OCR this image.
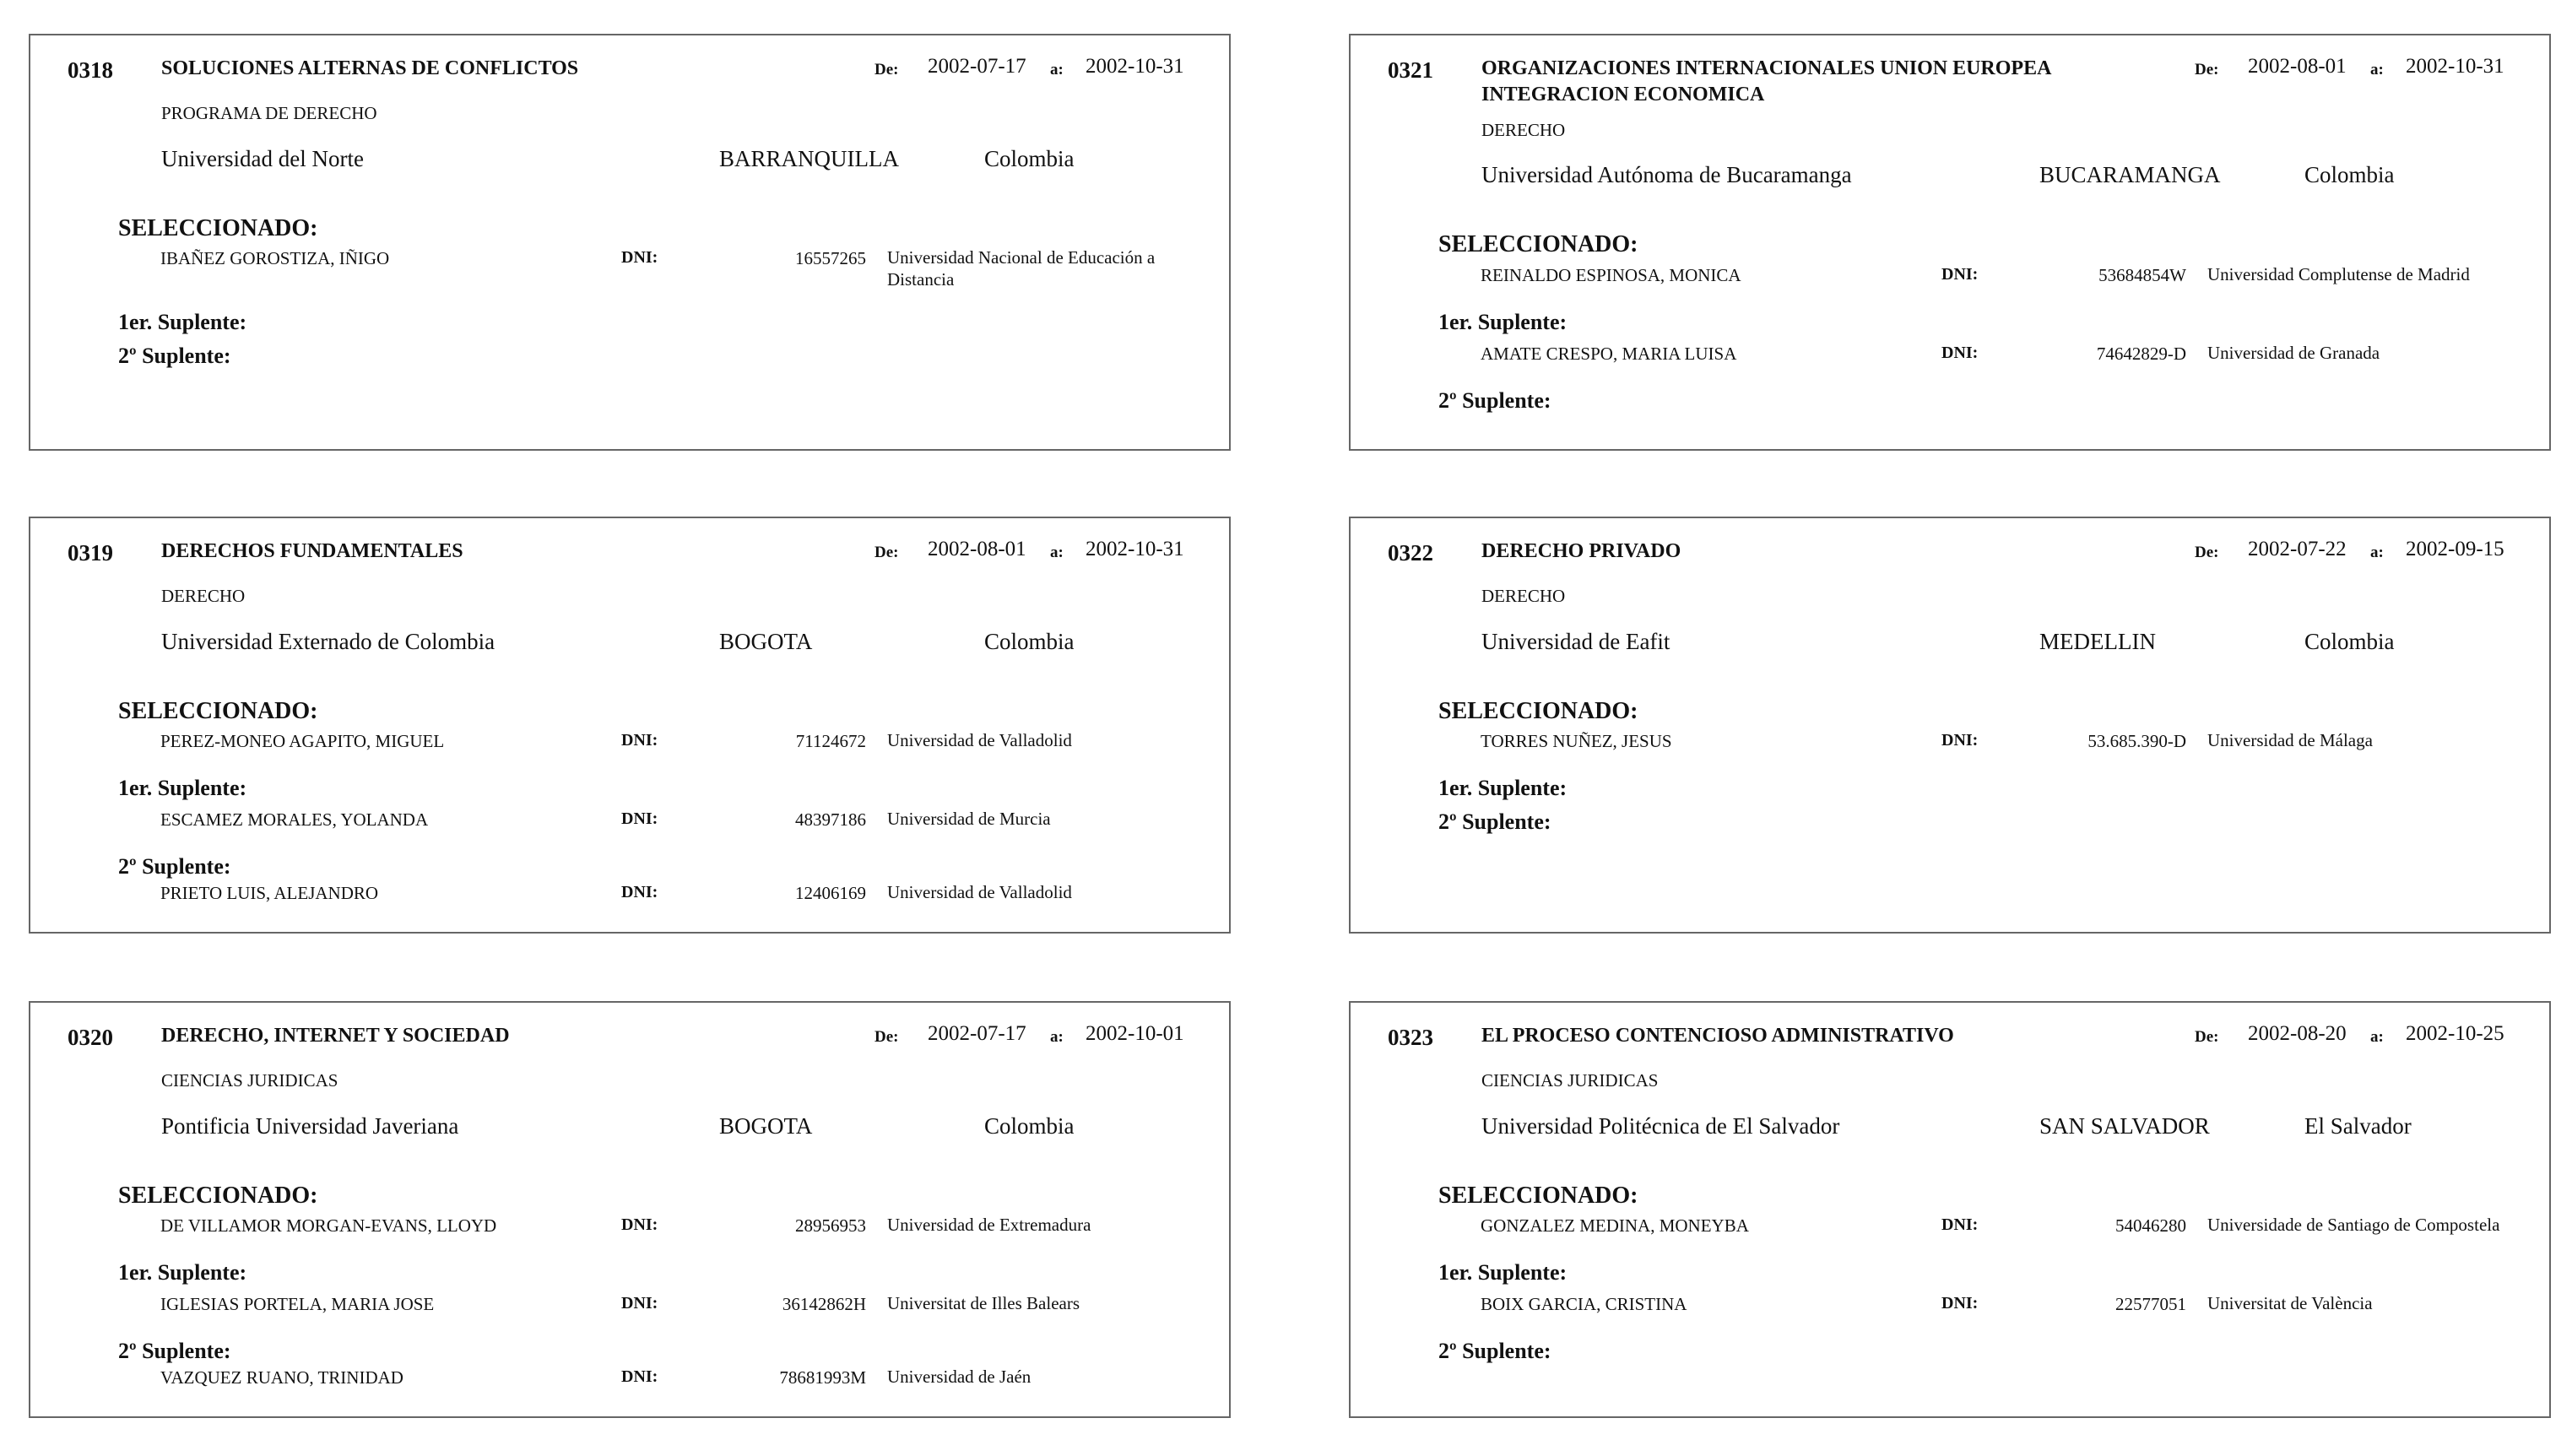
0318 SOLUCIONES ALTERNAS DE CONFLICTOS	De: 2002-07-17 a: 2002-10-31
PROGRAMA DE DERECHO
Universidad del Norte	BARRANQUILLA	Colombia
SELECCIONADO:
IBAÑEZ GOROSTIZA, IÑIGO	DNI:	16557265 Universidad Nacional de Educación a Distancia
1er. Suplente:
2º Suplente:
0319 DERECHOS FUNDAMENTALES	De: 2002-08-01 a: 2002-10-31
DERECHO
Universidad Externado de Colombia	BOGOTA	Colombia
SELECCIONADO:
PEREZ-MONEO AGAPITO, MIGUEL	DNI:	71124672 Universidad de Valladolid
1er. Suplente:
ESCAMEZ MORALES, YOLANDA	DNI:	48397186 Universidad de Murcia
2º Suplente:
PRIETO LUIS, ALEJANDRO	DNI:	12406169 Universidad de Valladolid
0320 DERECHO, INTERNET Y SOCIEDAD	De: 2002-07-17 a: 2002-10-01
CIENCIAS JURIDICAS
Pontificia Universidad Javeriana	BOGOTA	Colombia
SELECCIONADO:
DE VILLAMOR MORGAN-EVANS, LLOYD	DNI:	28956953 Universidad de Extremadura
1er. Suplente:
IGLESIAS PORTELA, MARIA JOSE	DNI:	36142862H Universitat de Illes Balears
2º Suplente:
VAZQUEZ RUANO, TRINIDAD	DNI:	78681993M Universidad de Jaén
0321 ORGANIZACIONES INTERNACIONALES UNION EUROPEA INTEGRACION ECONOMICA
De: 2002-08-01 a: 2002-10-31
DERECHO
Universidad Autónoma de Bucaramanga	BUCARAMANGA	Colombia
SELECCIONADO:
REINALDO ESPINOSA, MONICA	DNI:	53684854W Universidad Complutense de Madrid
1er. Suplente:
AMATE CRESPO, MARIA LUISA	DNI:	74642829-D Universidad de Granada
2º Suplente:
0322 DERECHO PRIVADO	De: 2002-07-22 a: 2002-09-15
DERECHO
Universidad de Eafit	MEDELLIN	Colombia
SELECCIONADO:
TORRES NUÑEZ, JESUS	DNI:	53.685.390-D Universidad de Málaga
1er. Suplente:
2º Suplente:
0323 EL PROCESO CONTENCIOSO ADMINISTRATIVO	De: 2002-08-20 a: 2002-10-25
CIENCIAS JURIDICAS
Universidad Politécnica de El Salvador	SAN SALVADOR	El Salvador
SELECCIONADO:
GONZALEZ MEDINA, MONEYBA	DNI:	54046280 Universidade de Santiago de Compostela
1er. Suplente:
BOIX GARCIA, CRISTINA	DNI:	22577051 Universitat de València
2º Suplente:
